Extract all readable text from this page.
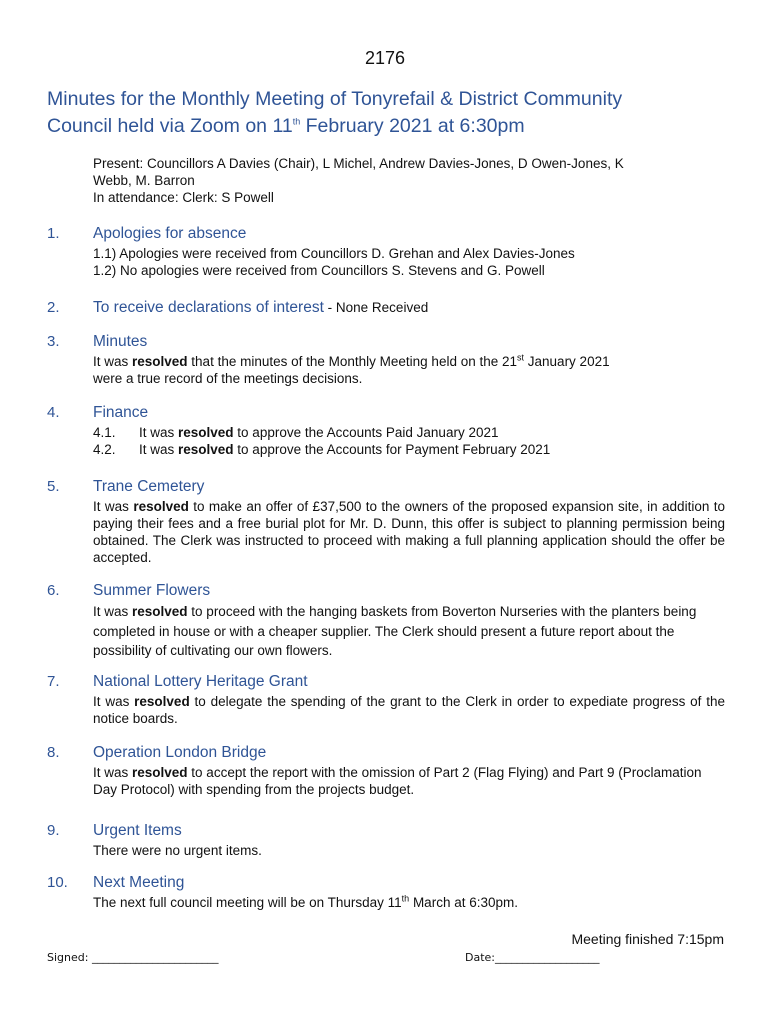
2176
Minutes for the Monthly Meeting of Tonyrefail & District Community
Council held via Zoom on 11th February 2021 at 6:30pm
Present: Councillors A Davies (Chair), L Michel, Andrew Davies-Jones, D Owen-Jones, K
Webb, M. Barron
In attendance: Clerk: S Powell
1. Apologies for absence
1.1) Apologies were received from Councillors D. Grehan and Alex Davies-Jones
1.2) No apologies were received from Councillors S. Stevens and G. Powell
2. To receive declarations of interest - None Received
3. Minutes
It was resolved that the minutes of the Monthly Meeting held on the 21st January 2021
were a true record of the meetings decisions.
4. Finance
4.1. It was resolved to approve the Accounts Paid January 2021
4.2. It was resolved to approve the Accounts for Payment February 2021
5. Trane Cemetery
It was resolved to make an offer of £37,500 to the owners of the proposed expansion site, in addition to paying their fees and a free burial plot for Mr. D. Dunn, this offer is subject to planning permission being obtained. The Clerk was instructed to proceed with making a full planning application should the offer be accepted.
6. Summer Flowers
It was resolved to proceed with the hanging baskets from Boverton Nurseries with the planters being completed in house or with a cheaper supplier. The Clerk should present a future report about the possibility of cultivating our own flowers.
7. National Lottery Heritage Grant
It was resolved to delegate the spending of the grant to the Clerk in order to expediate progress of the notice boards.
8. Operation London Bridge
It was resolved to accept the report with the omission of Part 2 (Flag Flying) and Part 9 (Proclamation Day Protocol) with spending from the projects budget.
9. Urgent Items
There were no urgent items.
10. Next Meeting
The next full council meeting will be on Thursday 11th March at 6:30pm.
Meeting finished 7:15pm
Signed: _______________________	Date:___________________
